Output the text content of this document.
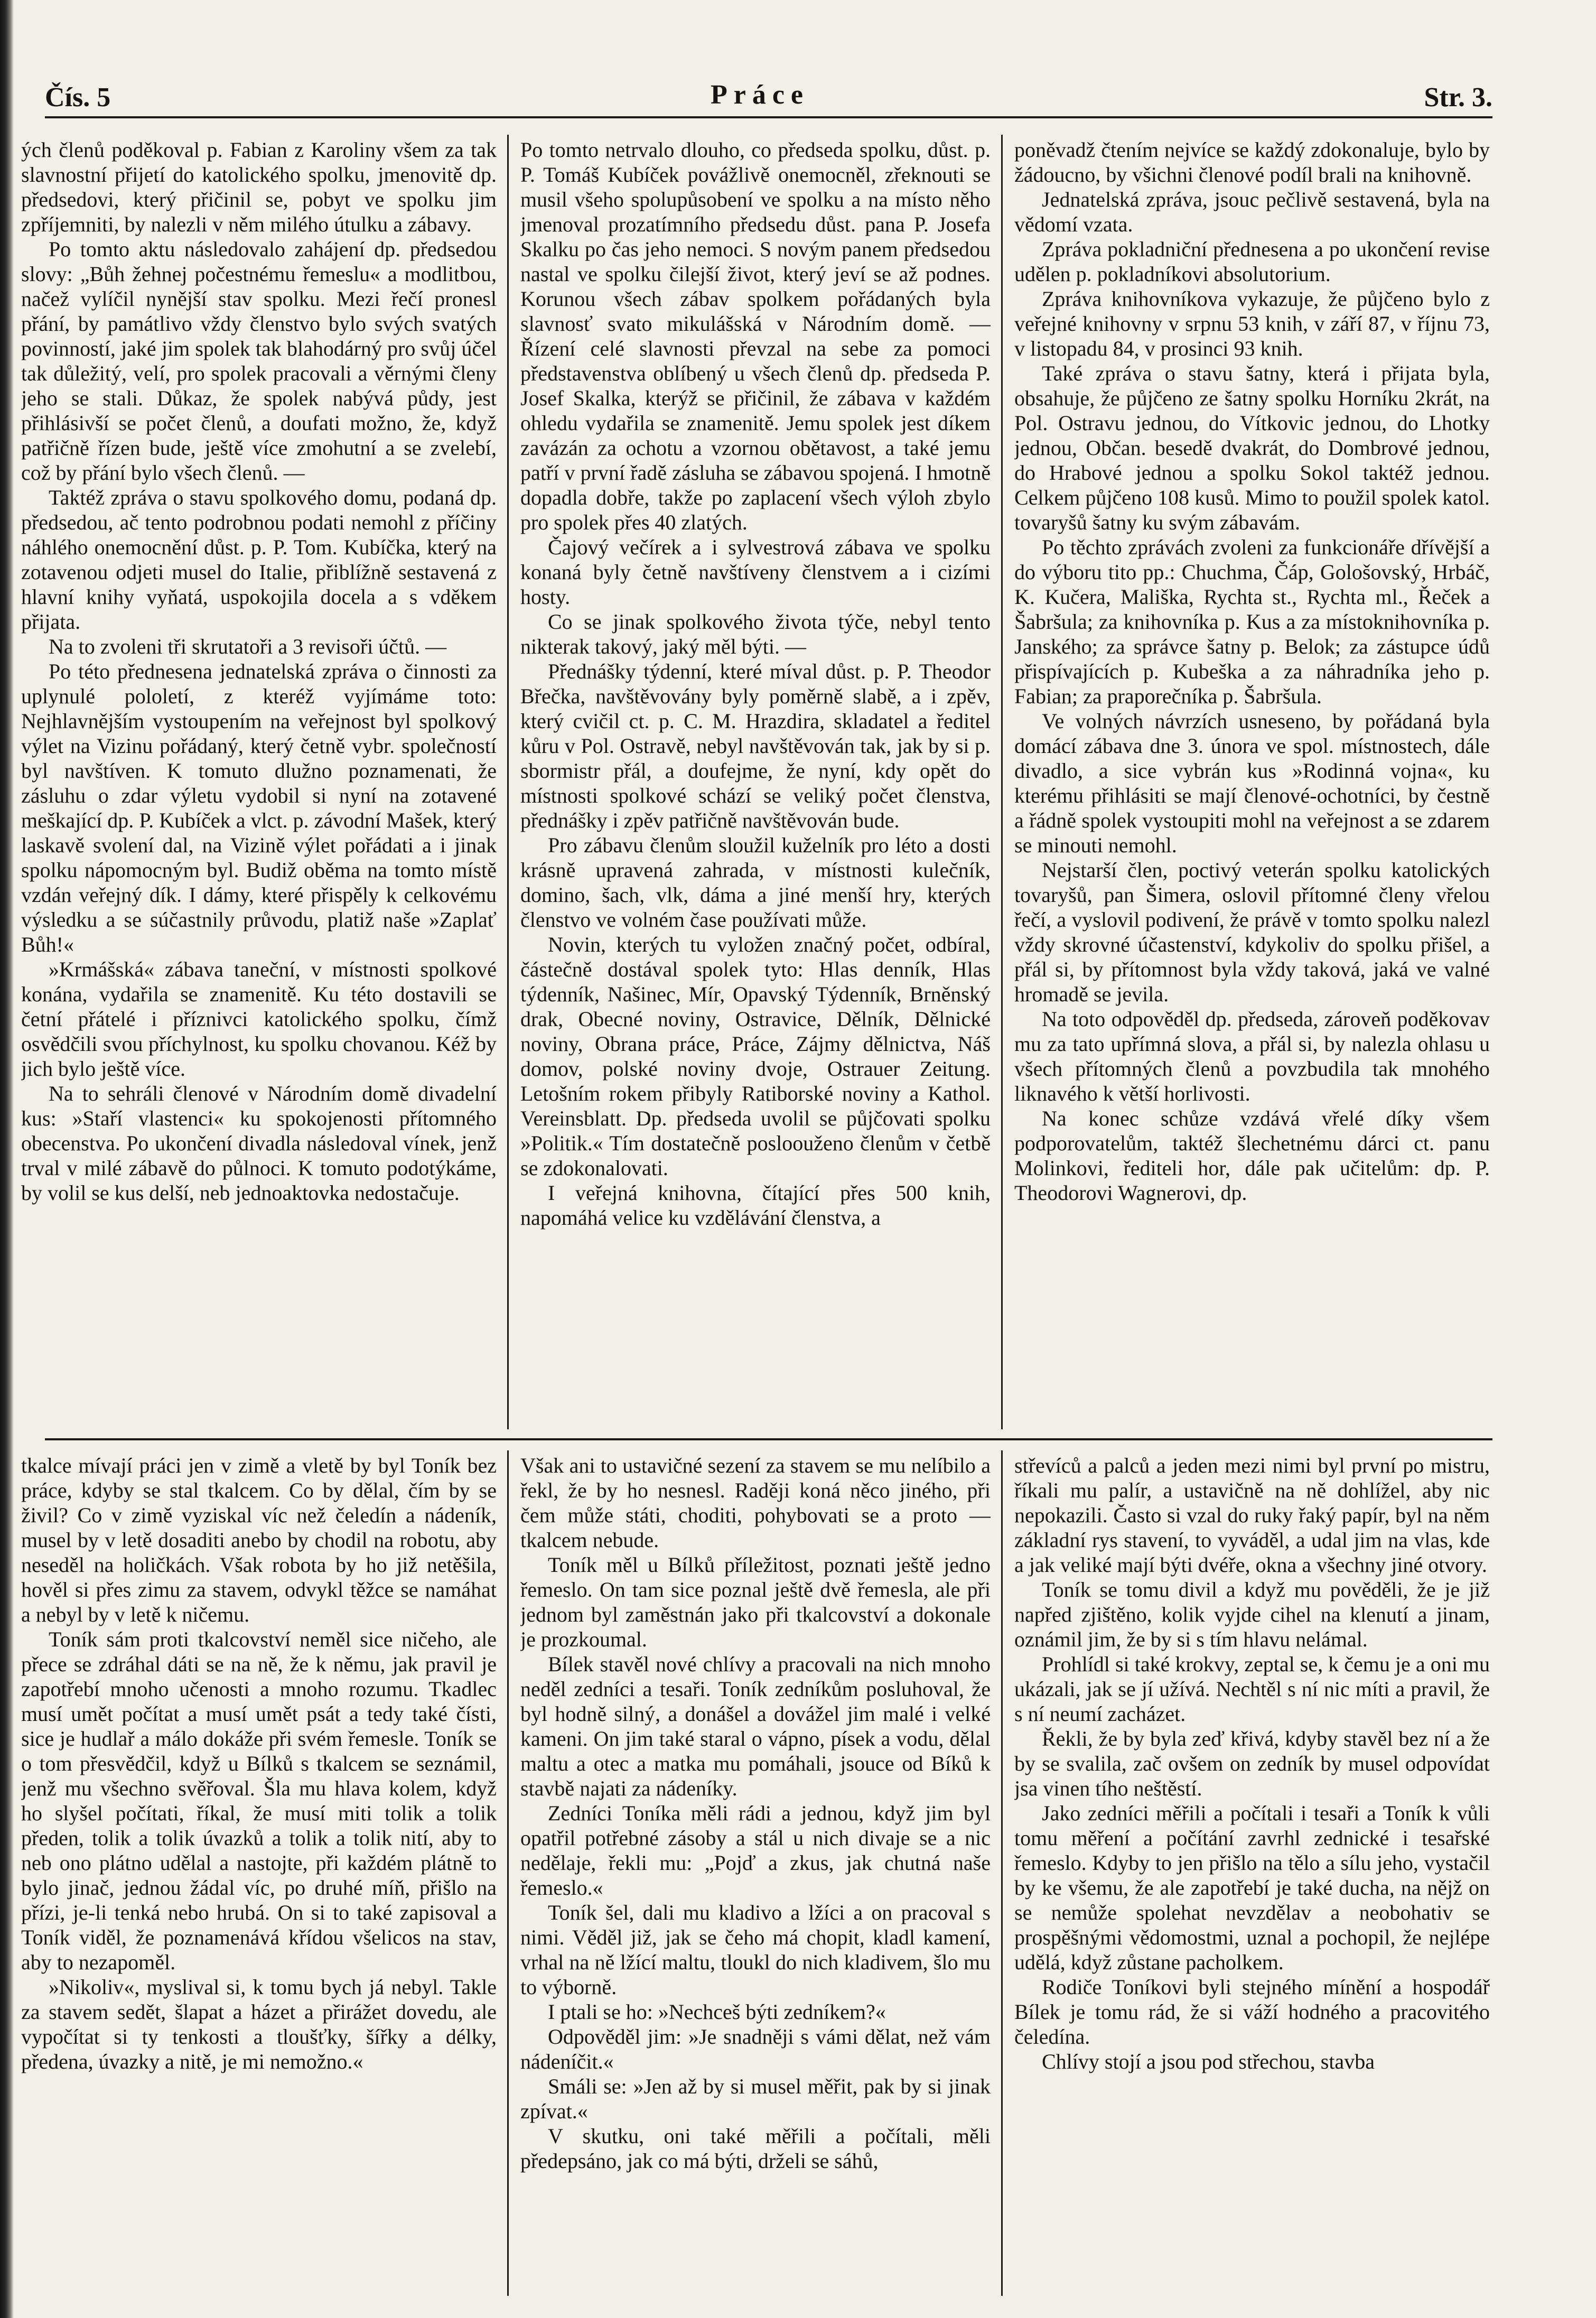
Čís. 5	Práce	Str. 3.

ých členů poděkoval p. Fabian z Karoliny všem za tak slavnostní přijetí do katolického spolku, jmenovitě dp. předsedovi, který přičinil se, pobyt ve spolku jim zpříjemniti, by nalezli v něm milého útulku a zábavy.

Po tomto aktu následovalo zahájení dp. předsedou slovy: „Bůh žehnej počestnému řemeslu« a modlitbou, načež vylíčil nynější stav spolku. Mezi řečí pronesl přání, by památlivo vždy členstvo bylo svých svatých povinností, jaké jim spolek tak blahodárný pro svůj účel tak důležitý, velí, pro spolek pracovali a věrnými členy jeho se stali. Důkaz, že spolek nabývá půdy, jest přihlásivší se počet členů, a doufati možno, že, když patřičně řízen bude, ještě více zmohutní a se zvelebí, což by přání bylo všech členů. —

Taktéž zpráva o stavu spolkového domu, podaná dp. předsedou, ač tento podrobnou podati nemohl z příčiny náhlého onemocnění důst. p. P. Tom. Kubíčka, který na zotavenou odjeti musel do Italie, přiblížně sestavená z hlavní knihy vyňatá, uspokojila docela a s vděkem přijata.

Na to zvoleni tři skrutatoři a 3 revisoři účtů. —

Po této přednesena jednatelská zpráva o činnosti za uplynulé pololetí, z kteréž vyjímáme toto: Nejhlavnějším vystoupením na veřejnost byl spolkový výlet na Vizinu pořádaný, který četně vybr. společností byl navštíven. K tomuto dlužno poznamenati, že zásluhu o zdar výletu vydobil si nyní na zotavené meškající dp. P. Kubíček a vlct. p. závodní Mašek, který laskavě svolení dal, na Vizině výlet pořádati a i jinak spolku nápomocným byl. Budiž oběma na tomto místě vzdán veřejný dík. I dámy, které přispěly k celkovému výsledku a se súčastnily průvodu, platiž naše »Zaplať Bůh!«

»Krmášská« zábava taneční, v místnosti spolkové konána, vydařila se znamenitě. Ku této dostavili se četní přátelé i příznivci katolického spolku, čímž osvědčili svou příchylnost, ku spolku chovanou. Kéž by jich bylo ještě více.

Na to sehráli členové v Národním domě divadelní kus: »Staří vlastenci« ku spokojenosti přítomného obecenstva. Po ukončení divadla následoval vínek, jenž trval v milé zábavě do půlnoci. K tomuto podotýkáme, by volil se kus delší, neb jednoaktovka nedostačuje.

Po tomto netrvalo dlouho, co předseda spolku, důst. p. P. Tomáš Kubíček povážlivě onemocněl, zřeknouti se musil všeho spolupůsobení ve spolku a na místo něho jmenoval prozatímního předsedu důst. pana P. Josefa Skalku po čas jeho nemoci. S novým panem předsedou nastal ve spolku čilejší život, který jeví se až podnes. Korunou všech zábav spolkem pořádaných byla slavnosť svato mikulášská v Národním domě. — Řízení celé slavnosti převzal na sebe za pomoci představenstva oblíbený u všech členů dp. předseda P. Josef Skalka, kterýž se přičinil, že zábava v každém ohledu vydařila se znamenitě. Jemu spolek jest díkem zavázán za ochotu a vzornou obětavost, a také jemu patří v první řadě zásluha se zábavou spojená. I hmotně dopadla dobře, takže po zaplacení všech výloh zbylo pro spolek přes 40 zlatých.

Čajový večírek a i sylvestrová zábava ve spolku konaná byly četně navštíveny členstvem a i cizími hosty.

Co se jinak spolkového života týče, nebyl tento nikterak takový, jaký měl býti. —

Přednášky týdenní, které míval důst. p. P. Theodor Břečka, navštěvovány byly poměrně slabě, a i zpěv, který cvičil ct. p. C. M. Hrazdira, skladatel a ředitel kůru v Pol. Ostravě, nebyl navštěvován tak, jak by si p. sbormistr přál, a doufejme, že nyní, kdy opět do místnosti spolkové schází se veliký počet členstva, přednášky i zpěv patřičně navštěvován bude.

Pro zábavu členům sloužil kuželník pro léto a dosti krásně upravená zahrada, v místnosti kulečník, domino, šach, vlk, dáma a jiné menší hry, kterých členstvo ve volném čase používati může.

Novin, kterých tu vyložen značný počet, odbíral, částečně dostával spolek tyto: Hlas denník, Hlas týdenník, Našinec, Mír, Opavský Týdenník, Brněnský drak, Obecné noviny, Ostravice, Dělník, Dělnické noviny, Obrana práce, Práce, Zájmy dělnictva, Náš domov, polské noviny dvoje, Ostrauer Zeitung. Letošním rokem přibyly Ratiborské noviny a Kathol. Vereinsblatt. Dp. předseda uvolil se půjčovati spolku »Politik.« Tím dostatečně posloouženo členům v četbě se zdokonalovati.

I veřejná knihovna, čítající přes 500 knih, napomáhá velice ku vzdělávání členstva, a

poněvadž čtením nejvíce se každý zdokonaluje, bylo by žádoucno, by všichni členové podíl brali na knihovně.

Jednatelská zpráva, jsouc pečlivě sestavená, byla na vědomí vzata.

Zpráva pokladniční přednesena a po ukončení revise udělen p. pokladníkovi absolutorium.

Zpráva knihovníkova vykazuje, že půjčeno bylo z veřejné knihovny v srpnu 53 knih, v září 87, v říjnu 73, v listopadu 84, v prosinci 93 knih.

Také zpráva o stavu šatny, která i přijata byla, obsahuje, že půjčeno ze šatny spolku Horníku 2krát, na Pol. Ostravu jednou, do Vítkovic jednou, do Lhotky jednou, Občan. besedě dvakrát, do Dombrové jednou, do Hrabové jednou a spolku Sokol taktéž jednou. Celkem půjčeno 108 kusů. Mimo to použil spolek katol. tovaryšů šatny ku svým zábavám.

Po těchto zprávách zvoleni za funkcionáře dřívější a do výboru tito pp.: Chuchma, Čáp, Gološovský, Hrbáč, K. Kučera, Mališka, Rychta st., Rychta ml., Řeček a Šabršula; za knihovníka p. Kus a za místoknihovníka p. Janského; za správce šatny p. Belok; za zástupce údů přispívajících p. Kubeška a za náhradníka jeho p. Fabian; za praporečníka p. Šabršula.

Ve volných návrzích usneseno, by pořádaná byla domácí zábava dne 3. února ve spol. místnostech, dále divadlo, a sice vybrán kus »Rodinná vojna«, ku kterému přihlásiti se mají členové-ochotníci, by čestně a řádně spolek vystoupiti mohl na veřejnost a se zdarem se minouti nemohl.

Nejstarší člen, poctivý veterán spolku katolických tovaryšů, pan Šimera, oslovil přítomné členy vřelou řečí, a vyslovil podivení, že právě v tomto spolku nalezl vždy skrovné účastenství, kdykoliv do spolku přišel, a přál si, by přítomnost byla vždy taková, jaká ve valné hromadě se jevila.

Na toto odpověděl dp. předseda, zároveň poděkovav mu za tato upřímná slova, a přál si, by nalezla ohlasu u všech přítomných členů a povzbudila tak mnohého liknavého k větší horlivosti.

Na konec schůze vzdává vřelé díky všem podporovatelům, taktéž šlechetnému dárci ct. panu Molinkovi, řediteli hor, dále pak učitelům: dp. P. Theodorovi Wagnerovi, dp.

tkalce mívají práci jen v zimě a vletě by byl Toník bez práce, kdyby se stal tkalcem. Co by dělal, čím by se živil? Co v zimě vyziskal víc než čeledín a nádeník, musel by v letě dosaditi anebo by chodil na robotu, aby neseděl na holičkách. Však robota by ho již netěšila, hověl si přes zimu za stavem, odvykl těžce se namáhat a nebyl by v letě k ničemu.

Toník sám proti tkalcovství neměl sice ničeho, ale přece se zdráhal dáti se na ně, že k němu, jak pravil je zapotřebí mnoho učenosti a mnoho rozumu. Tkadlec musí umět počítat a musí umět psát a tedy také čísti, sice je hudlař a málo dokáže při svém řemesle. Toník se o tom přesvědčil, když u Bílků s tkalcem se seznámil, jenž mu všechno svěřoval. Šla mu hlava kolem, když ho slyšel počítati, říkal, že musí miti tolik a tolik předen, tolik a tolik úvazků a tolik a tolik nití, aby to neb ono plátno udělal a nastojte, při každém plátně to bylo jinač, jednou žádal víc, po druhé míň, přišlo na přízi, je-li tenká nebo hrubá. On si to také zapisoval a Toník viděl, že poznamenává křídou všelicos na stav, aby to nezapoměl.

»Nikoliv«, myslival si, k tomu bych já nebyl. Takle za stavem sedět, šlapat a házet a přirážet dovedu, ale vypočítat si ty tenkosti a tloušťky, šířky a délky, předena, úvazky a nitě, je mi nemožno.«

Však ani to ustavičné sezení za stavem se mu nelíbilo a řekl, že by ho nesnesl. Raději koná něco jiného, při čem může státi, choditi, pohybovati se a proto — tkalcem nebude.

Toník měl u Bílků příležitost, poznati ještě jedno řemeslo. On tam sice poznal ještě dvě řemesla, ale při jednom byl zaměstnán jako při tkalcovství a dokonale je prozkoumal.

Bílek stavěl nové chlívy a pracovali na nich mnoho neděl zedníci a tesaři. Toník zedníkům posluhoval, že byl hodně silný, a donášel a dovážel jim malé i velké kameni. On jim také staral o vápno, písek a vodu, dělal maltu a otec a matka mu pomáhali, jsouce od Bíků k stavbě najati za nádeníky.

Zedníci Toníka měli rádi a jednou, když jim byl opatřil potřebné zásoby a stál u nich divaje se a nic nedělaje, řekli mu: „Pojď a zkus, jak chutná naše řemeslo.«

Toník šel, dali mu kladivo a lžíci a on pracoval s nimi. Věděl již, jak se čeho má chopit, kladl kamení, vrhal na ně lžící maltu, tloukl do nich kladivem, šlo mu to výborně.

I ptali se ho: »Nechceš býti zedníkem?«

Odpověděl jim: »Je snadněji s vámi dělat, než vám nádeníčit.«

Smáli se: »Jen až by si musel měřit, pak by si jinak zpívat.«

V skutku, oni také měřili a počítali, měli předepsáno, jak co má býti, drželi se sáhů,

střevíců a palců a jeden mezi nimi byl první po mistru, říkali mu palír, a ustavičně na ně dohlížel, aby nic nepokazili. Často si vzal do ruky řaký papír, byl na něm základní rys stavení, to vyváděl, a udal jim na vlas, kde a jak veliké mají býti dvéře, okna a všechny jiné otvory.

Toník se tomu divil a když mu pověděli, že je již napřed zjištěno, kolik vyjde cihel na klenutí a jinam, oznámil jim, že by si s tím hlavu nelámal.

Prohlídl si také krokvy, zeptal se, k čemu je a oni mu ukázali, jak se jí užívá. Nechtěl s ní nic míti a pravil, že s ní neumí zacházet.

Řekli, že by byla zeď křivá, kdyby stavěl bez ní a že by se svalila, zač ovšem on zedník by musel odpovídat jsa vinen tího neštěstí.

Jako zedníci měřili a počítali i tesaři a Toník k vůli tomu měření a počítání zavrhl zednické i tesařské řemeslo. Kdyby to jen přišlo na tělo a sílu jeho, vystačil by ke všemu, že ale zapotřebí je také ducha, na nějž on se nemůže spolehat nevzdělav a neobohativ se prospěšnými vědomostmi, uznal a pochopil, že nejlépe udělá, když zůstane pacholkem.

Rodiče Toníkovi byli stejného mínění a hospodář Bílek je tomu rád, že si váží hodného a pracovitého čeledína.

Chlívy stojí a jsou pod střechou, stavba
